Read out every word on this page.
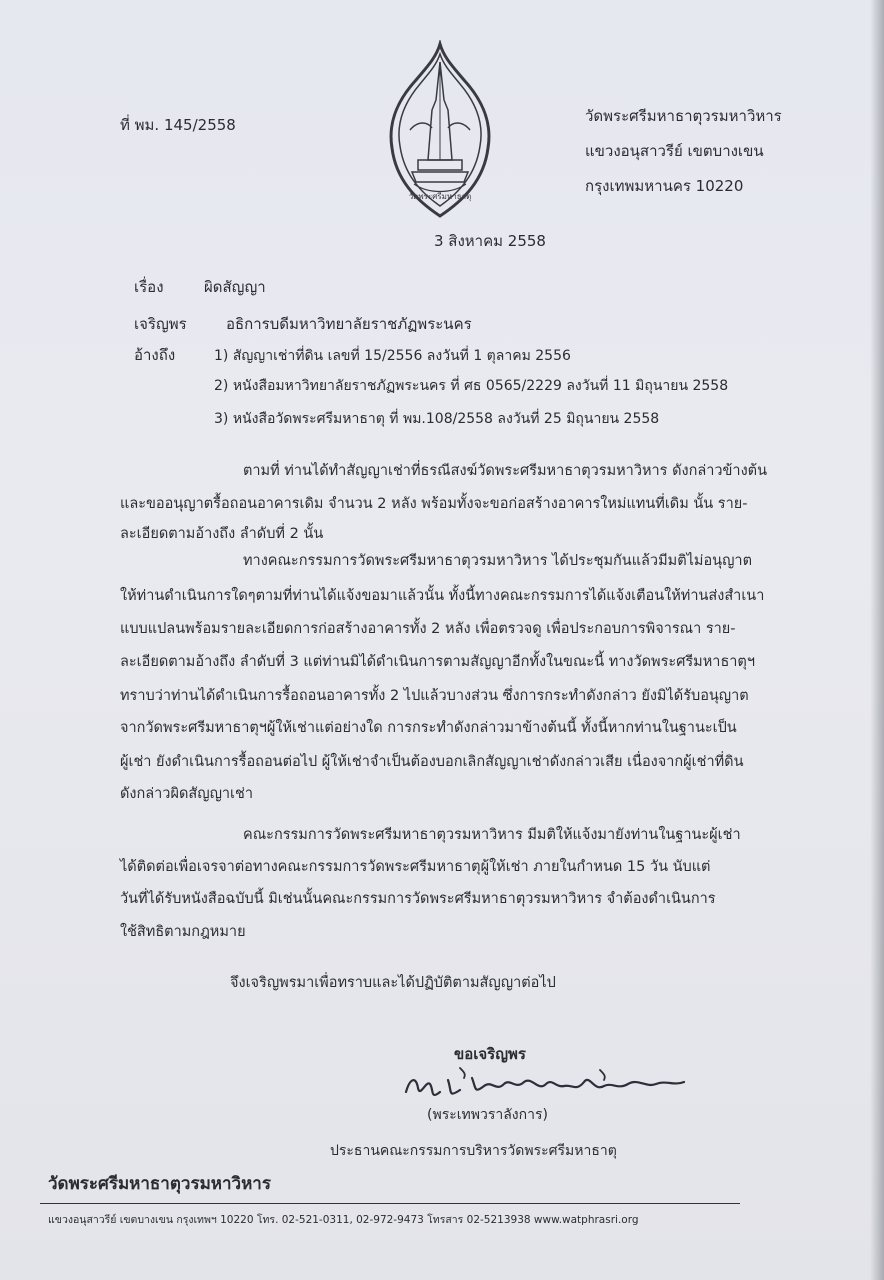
ที่ พม. 145/2558
วัดพระศรีมหาธาตุ
วัดพระศรีมหาธาตุวรมหาวิหาร
แขวงอนุสาวรีย์ เขตบางเขน
กรุงเทพมหานคร 10220
3 สิงหาคม 2558
เรื่อง	ผิดสัญญา
เจริญพร	อธิการบดีมหาวิทยาลัยราชภัฏพระนคร
อ้างถึง	1) สัญญาเช่าที่ดิน เลขที่ 15/2556 ลงวันที่ 1 ตุลาคม 2556
2) หนังสือมหาวิทยาลัยราชภัฏพระนคร ที่ ศธ 0565/2229 ลงวันที่ 11 มิถุนายน 2558
3) หนังสือวัดพระศรีมหาธาตุ ที่ พม.108/2558 ลงวันที่ 25 มิถุนายน 2558
ตามที่ ท่านได้ทำสัญญาเช่าที่ธรณีสงฆ์วัดพระศรีมหาธาตุวรมหาวิหาร ดังกล่าวข้างต้น
และขออนุญาตรื้อถอนอาคารเดิม จำนวน 2 หลัง พร้อมทั้งจะขอก่อสร้างอาคารใหม่แทนที่เดิม นั้น ราย-
ละเอียดตามอ้างถึง ลำดับที่ 2 นั้น
ทางคณะกรรมการวัดพระศรีมหาธาตุวรมหาวิหาร ได้ประชุมกันแล้วมีมติไม่อนุญาต
ให้ท่านดำเนินการใดๆตามที่ท่านได้แจ้งขอมาแล้วนั้น ทั้งนี้ทางคณะกรรมการได้แจ้งเตือนให้ท่านส่งสำเนา
แบบแปลนพร้อมรายละเอียดการก่อสร้างอาคารทั้ง 2 หลัง เพื่อตรวจดู เพื่อประกอบการพิจารณา ราย-
ละเอียดตามอ้างถึง ลำดับที่ 3 แต่ท่านมิได้ดำเนินการตามสัญญาอีกทั้งในขณะนี้ ทางวัดพระศรีมหาธาตุฯ
ทราบว่าท่านได้ดำเนินการรื้อถอนอาคารทั้ง 2 ไปแล้วบางส่วน ซึ่งการกระทำดังกล่าว ยังมิได้รับอนุญาต
จากวัดพระศรีมหาธาตุฯผู้ให้เช่าแต่อย่างใด การกระทำดังกล่าวมาข้างต้นนี้ ทั้งนี้หากท่านในฐานะเป็น
ผู้เช่า ยังดำเนินการรื้อถอนต่อไป ผู้ให้เช่าจำเป็นต้องบอกเลิกสัญญาเช่าดังกล่าวเสีย เนื่องจากผู้เช่าที่ดิน
ดังกล่าวผิดสัญญาเช่า
คณะกรรมการวัดพระศรีมหาธาตุวรมหาวิหาร มีมติให้แจ้งมายังท่านในฐานะผู้เช่า
ได้ติดต่อเพื่อเจรจาต่อทางคณะกรรมการวัดพระศรีมหาธาตุผู้ให้เช่า ภายในกำหนด 15 วัน นับแต่
วันที่ได้รับหนังสือฉบับนี้ มิเช่นนั้นคณะกรรมการวัดพระศรีมหาธาตุวรมหาวิหาร จำต้องดำเนินการ
ใช้สิทธิตามกฎหมาย
จึงเจริญพรมาเพื่อทราบและได้ปฏิบัติตามสัญญาต่อไป
ขอเจริญพร
(พระเทพวราลังการ)
ประธานคณะกรรมการบริหารวัดพระศรีมหาธาตุ
วัดพระศรีมหาธาตุวรมหาวิหาร
แขวงอนุสาวรีย์ เขตบางเขน กรุงเทพฯ 10220 โทร. 02-521-0311, 02-972-9473 โทรสาร 02-5213938 www.watphrasri.org
